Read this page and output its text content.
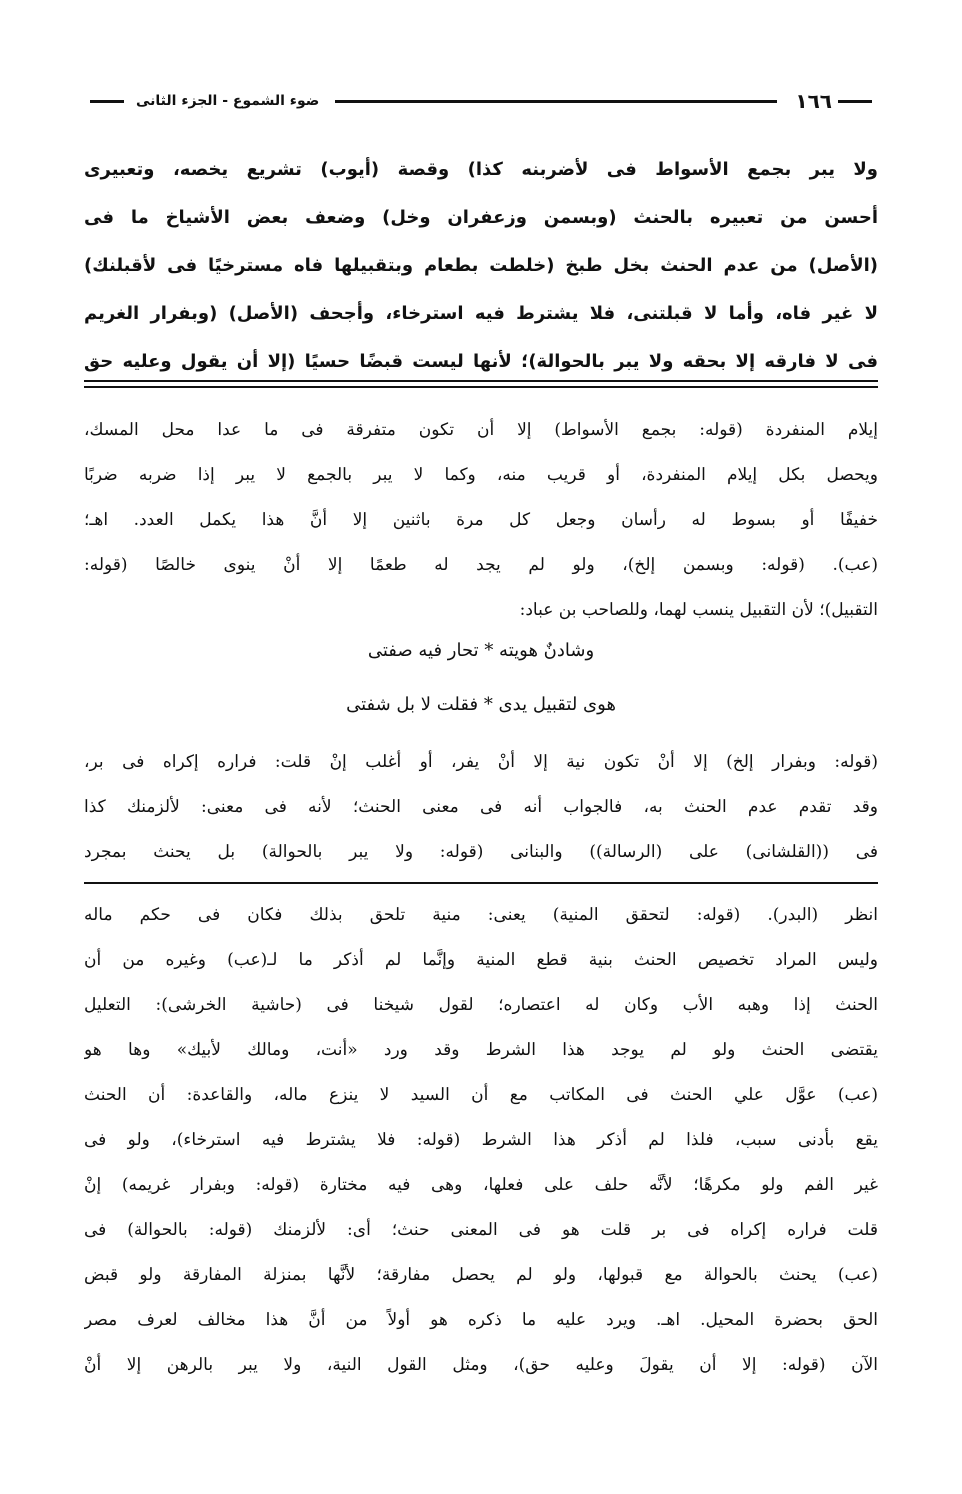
١٦٦
ضوء الشموع - الجزء الثانى
ولا يبر بجمع الأسواط فى لأضربنه كذا) وقصة (أيوب) تشريع يخصه، وتعبيرى
أحسن من تعبيره بالحنث (وبسمن وزعفران وخل) وضعف بعض الأشياخ ما فى
(الأصل) من عدم الحنث بخل طبخ (خلطت بطعام وبتقبيلها فاه مسترخيًا فى لأقبلنك)
لا غير فاه، وأما لا قبلتنى، فلا يشترط فيه استرخاء، وأجحف (الأصل) (وبفرار الغريم
فى لا فارقه إلا بحقه ولا يبر بالحوالة)؛ لأنها ليست قبضًا حسيًا (إلا أن يقول وعليه حق
إيلام المنفردة (قوله: بجمع الأسواط) إلا أن تكون متفرقة فى ما عدا محل المسك،
ويحصل بكل إيلام المنفردة، أو قريب منه، وكما لا يبر بالجمع لا يبر إذا ضربه ضربًا
خفيفًا أو بسوط له رأسان وجعل كل مرة باثنين إلا أنَّ هذا يكمل العدد. اهـ؛
(عب). (قوله: وبسمن إلخ)، ولو لم يجد له طعمًا إلا أنْ ينوى خالصًا (قوله:
التقبيل)؛ لأن التقبيل ينسب لهما، وللصاحب بن عباد:
وشادنٌ هويته * تحار فيه صفتى
هوى لتقبيل يدى * فقلت لا بل شفتى
(قوله: وبفرار إلخ) إلا أنْ تكون نية إلا أنْ يفر، أو أغلب إنْ قلت: فراره إكراه فى بر،
وقد تقدم عدم الحنث به، فالجواب أنه فى معنى الحنث؛ لأنه فى معنى: لألزمنك كذا
فى ((القلشانى) على (الرسالة)) والبنانى (قوله: ولا يبر بالحوالة) بل يحنث بمجرد
انظر (البدر). (قوله: لتحقق المنية) يعنى: منية تلحق بذلك فكان فى حكم ماله
وليس المراد تخصيص الحنث بنية قطع المنية وإنَّما لم أذكر ما لـ(عب) وغيره من أن
الحنث إذا وهبه الأب وكان له اعتصاره؛ لقول شيخنا فى (حاشية الخرشى): التعليل
يقتضى الحنث ولو لم يوجد هذا الشرط وقد ورد «أنت، ومالك لأبيك» وها هو
(عب) عوَّل علي الحنث فى المكاتب مع أن السيد لا ينزع ماله، والقاعدة: أن الحنث
يقع بأدنى سبب، فلذا لم أذكر هذا الشرط (قوله: فلا يشترط فيه استرخاء)، ولو فى
غير الفم ولو مكرهًا؛ لأنَّه حلف على فعلها، وهى فيه مختارة (قوله: وبفرار غريمه) إنْ
قلت فراره إكراه فى بر قلت هو فى المعنى حنث؛ أى: لألزمنك (قوله: بالحوالة) فى
(عب) يحنث بالحوالة مع قبولها، ولو لم يحصل مفارقة؛ لأنَّها بمنزلة المفارقة ولو قبض
الحق بحضرة المحيل. اهـ. ويرد عليه ما ذكره هو أولاً من أنَّ هذا مخالف لعرف مصر
الآن (قوله: إلا أن يقولَ وعليه حق)، ومثل القول النية، ولا يبر بالرهن إلا أنْ
